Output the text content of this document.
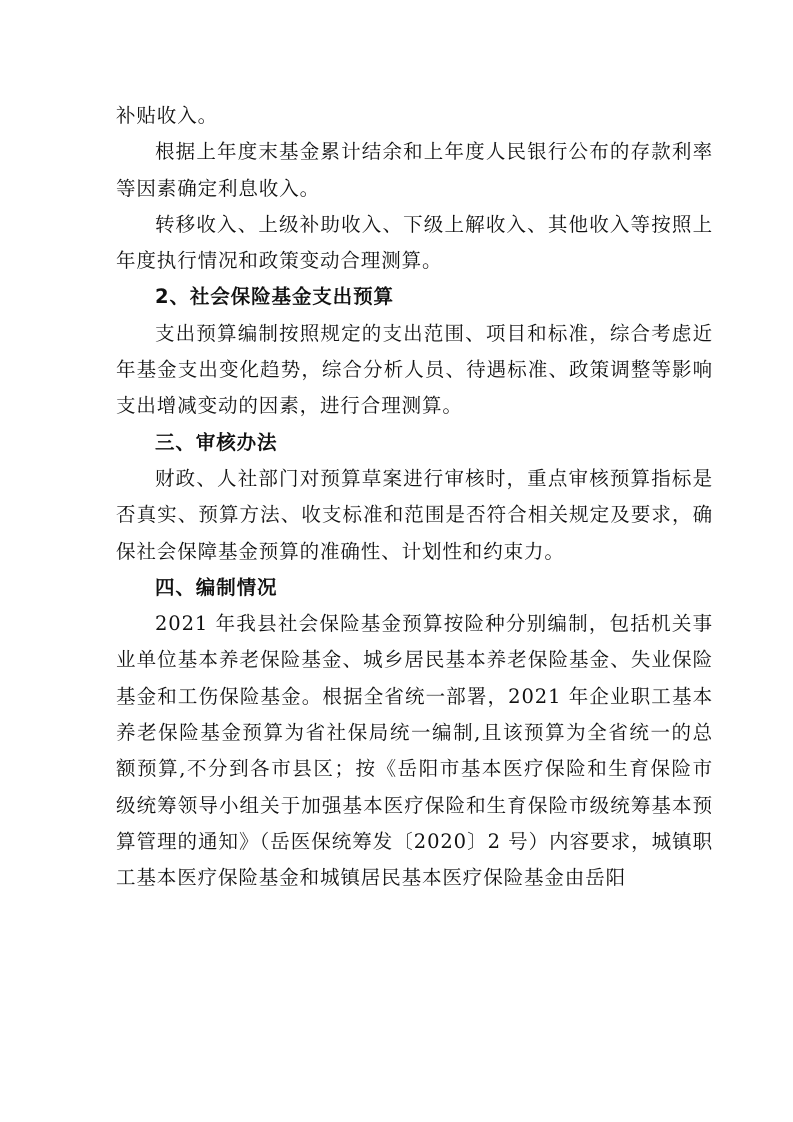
补贴收入。

根据上年度末基金累计结余和上年度人民银行公布的存款利率等因素确定利息收入。

转移收入、上级补助收入、下级上解收入、其他收入等按照上年度执行情况和政策变动合理测算。

2、社会保险基金支出预算

支出预算编制按照规定的支出范围、项目和标准，综合考虑近年基金支出变化趋势，综合分析人员、待遇标准、政策调整等影响支出增减变动的因素，进行合理测算。

三、审核办法

财政、人社部门对预算草案进行审核时，重点审核预算指标是否真实、预算方法、收支标准和范围是否符合相关规定及要求，确保社会保障基金预算的准确性、计划性和约束力。

四、编制情况

2021 年我县社会保险基金预算按险种分别编制，包括机关事业单位基本养老保险基金、城乡居民基本养老保险基金、失业保险基金和工伤保险基金。根据全省统一部署，2021 年企业职工基本养老保险基金预算为省社保局统一编制,且该预算为全省统一的总额预算,不分到各市县区；按《岳阳市基本医疗保险和生育保险市级统筹领导小组关于加强基本医疗保险和生育保险市级统筹基本预算管理的通知》（岳医保统筹发〔2020〕2 号）内容要求，城镇职工基本医疗保险基金和城镇居民基本医疗保险基金由岳阳
